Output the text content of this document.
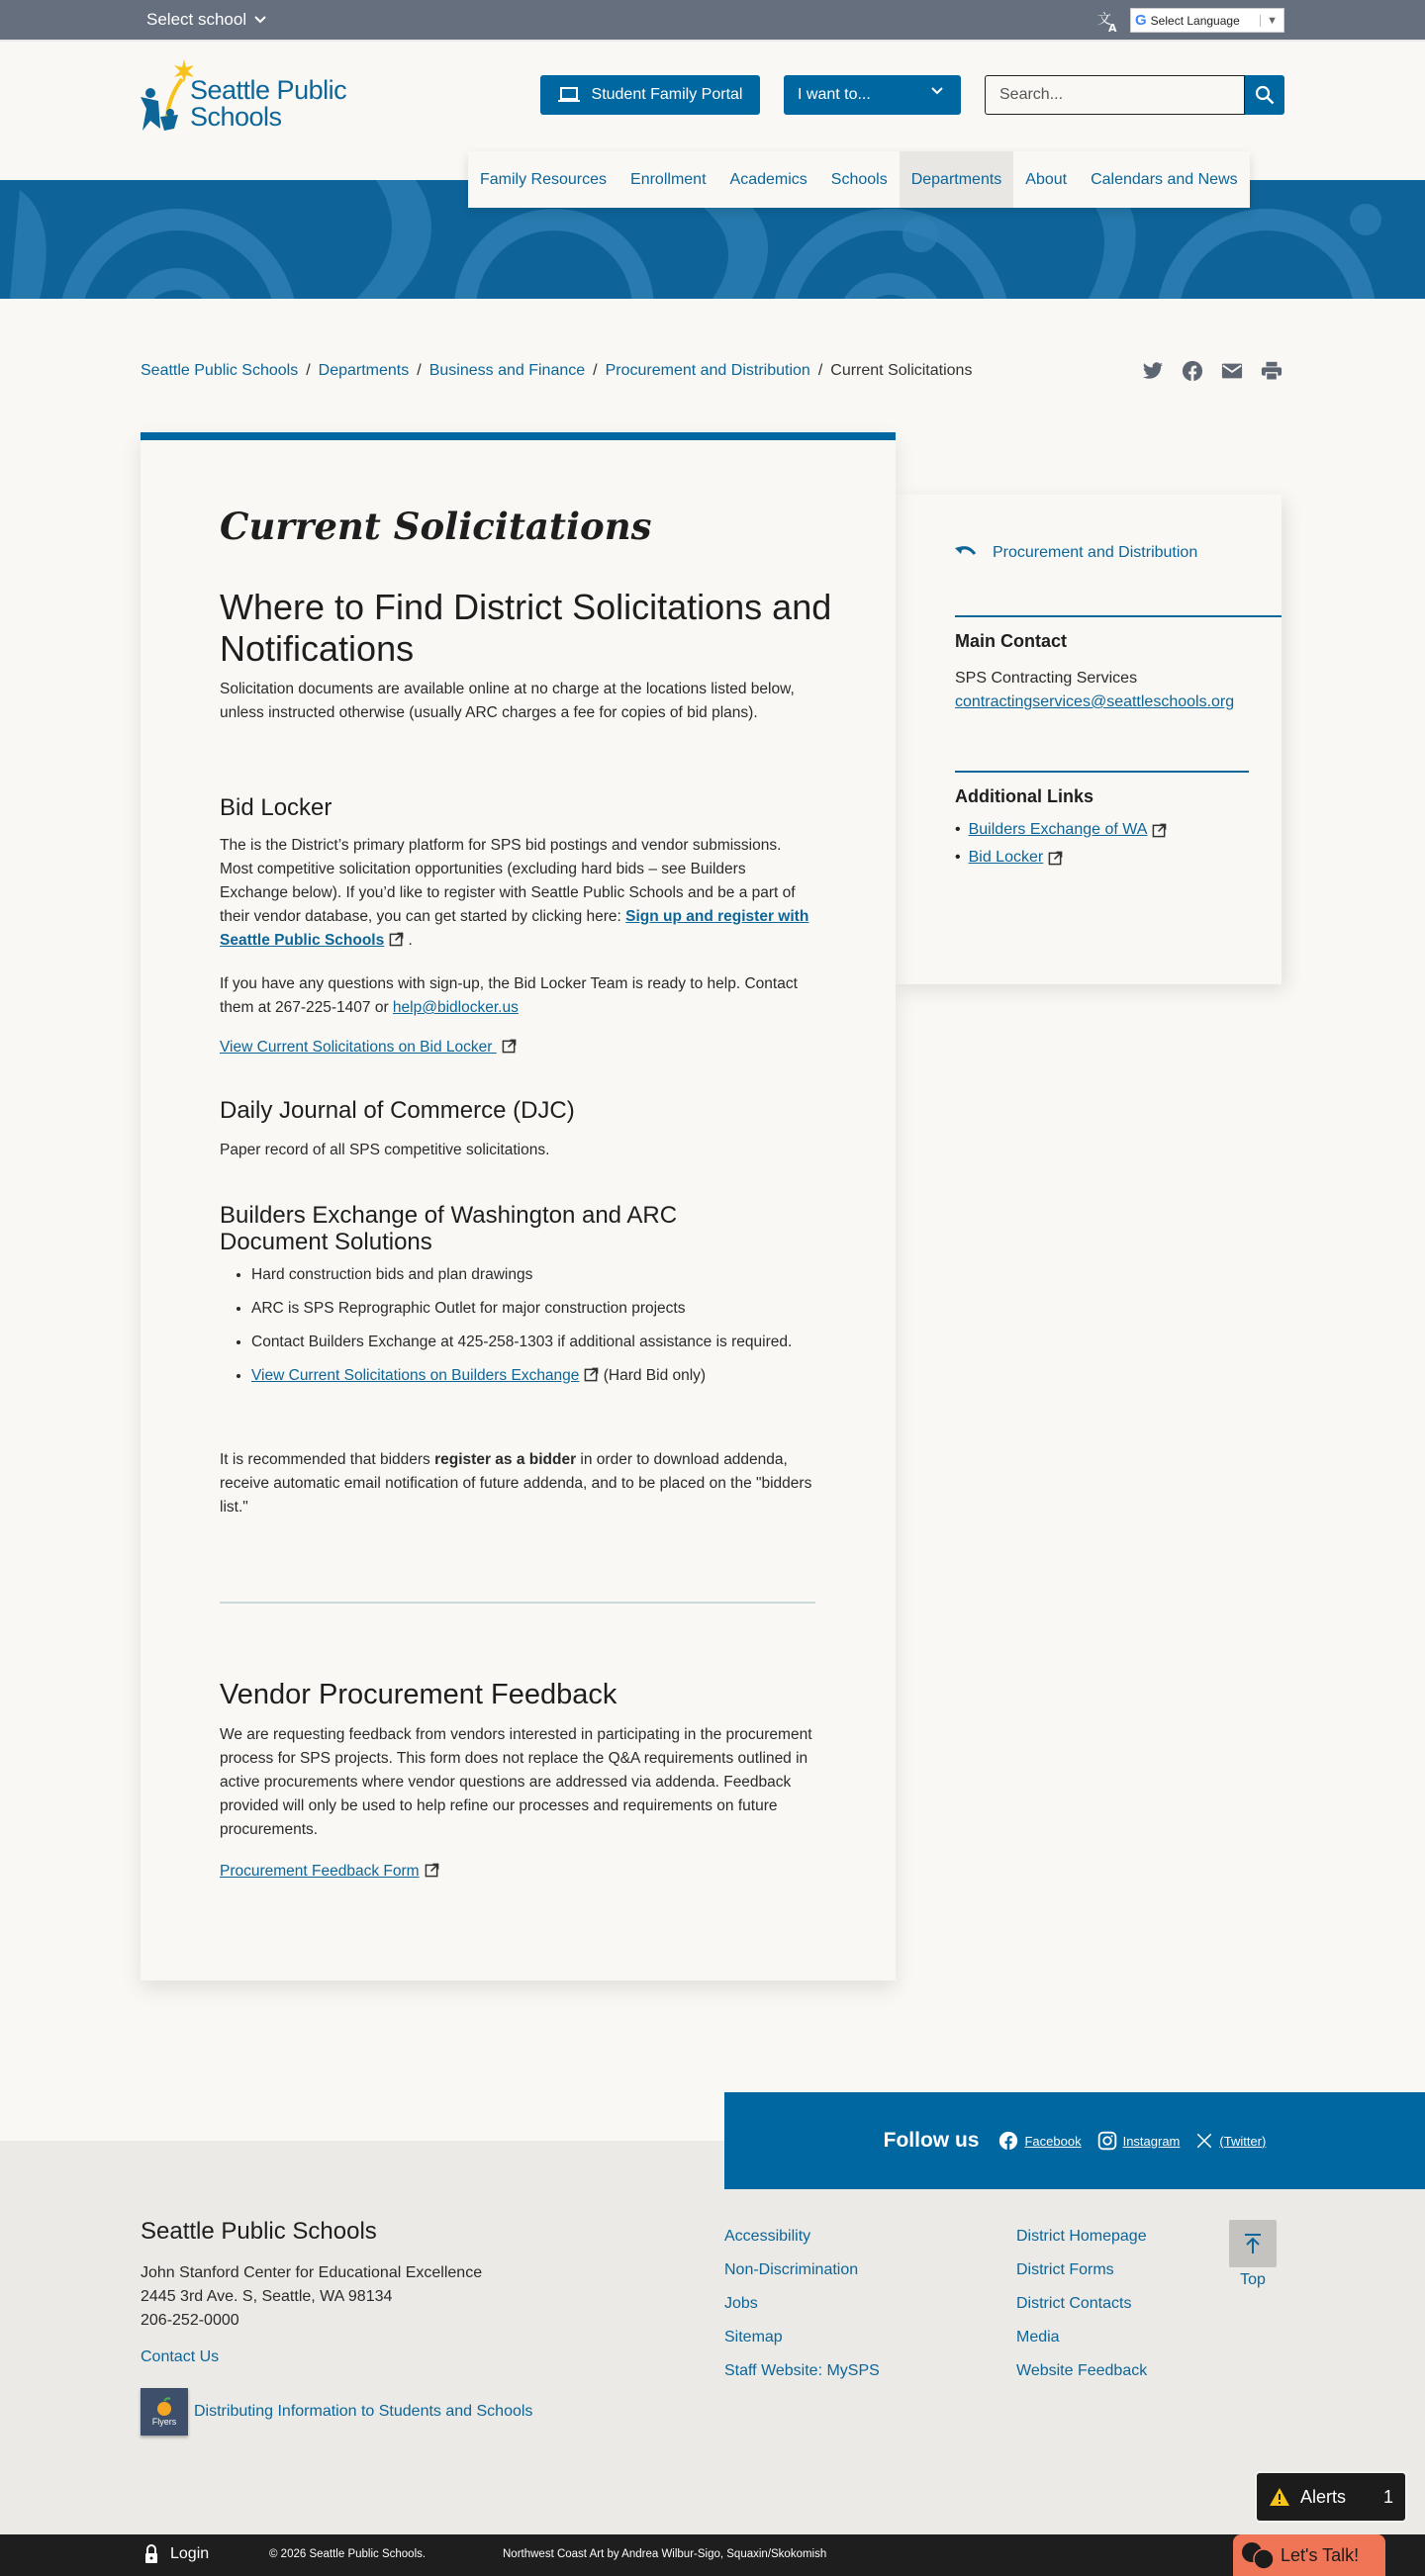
Select school	文
A G Select Language	▼
Seattle Public
Schools
Student Family Portal	I want to...
Search...
Family Resources	Enrollment	Academics	Schools	Departments	About	Calendars and News
Seattle Public Schools / Departments / Business and Finance / Procurement and Distribution / Current Solicitations
Current Solicitations
Where to Find District Solicitations and Notifications

Solicitation documents are available online at no charge at the locations listed below, unless instructed otherwise (usually ARC charges a fee for copies of bid plans).

Bid Locker

The is the District’s primary platform for SPS bid postings and vendor submissions. Most competitive solicitation opportunities (excluding hard bids – see Builders Exchange below). If you’d like to register with Seattle Public Schools and be a part of their vendor database, you can get started by clicking here: Sign up and register with Seattle Public Schools .

If you have any questions with sign-up, the Bid Locker Team is ready to help. Contact them at 267-225-1407 or help@bidlocker.us

View Current Solicitations on Bid Locker

Daily Journal of Commerce (DJC)

Paper record of all SPS competitive solicitations.

Builders Exchange of Washington and ARC Document Solutions
• Hard construction bids and plan drawings
• ARC is SPS Reprographic Outlet for major construction projects
• Contact Builders Exchange at 425-258-1303 if additional assistance is required.
• View Current Solicitations on Builders Exchange (Hard Bid only)

It is recommended that bidders register as a bidder in order to download addenda, receive automatic email notification of future addenda, and to be placed on the "bidders list."

Vendor Procurement Feedback

We are requesting feedback from vendors interested in participating in the procurement process for SPS projects. This form does not replace the Q&A requirements outlined in active procurements where vendor questions are addressed via addenda. Feedback provided will only be used to help refine our processes and requirements on future procurements.

Procurement Feedback Form

Procurement and Distribution
Main Contact
SPS Contracting Services
contractingservices@seattleschools.org
Additional Links
• Builders Exchange of WA
• Bid Locker
Follow us	Facebook	Instagram	(Twitter)
Seattle Public Schools
John Stanford Center for Educational Excellence
2445 3rd Ave. S, Seattle, WA 98134
206-252-0000
Contact Us
Flyers
Distributing Information to Students and Schools
Accessibility
Non-Discrimination
Jobs
Sitemap
Staff Website: MySPS
District Homepage
District Forms
District Contacts
Media
Website Feedback
Top
Alerts 1
Login	© 2026 Seattle Public Schools.	Northwest Coast Art by Andrea Wilbur-Sigo, Squaxin/Skokomish	Let's Talk!
